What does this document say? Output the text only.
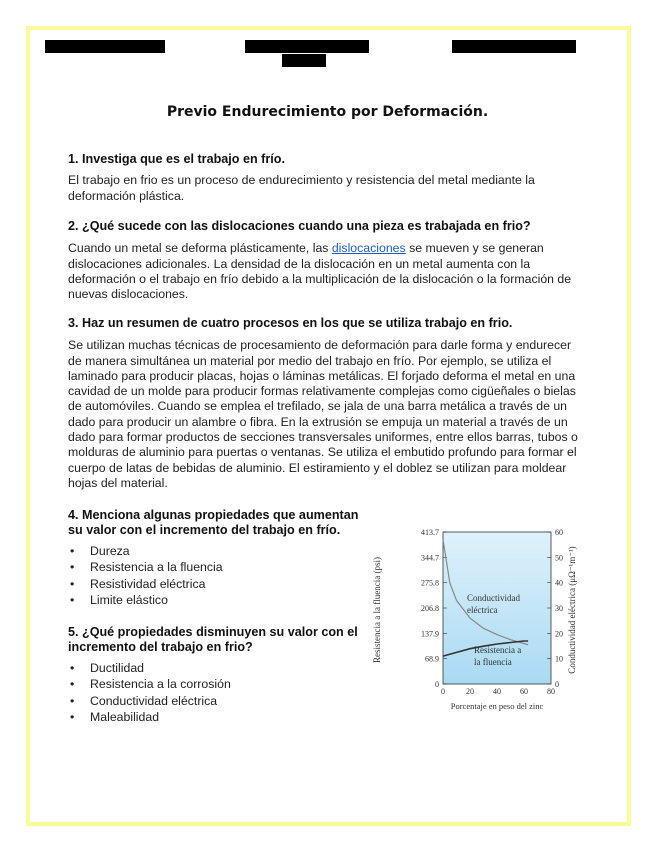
Previo Endurecimiento por Deformación.
1. Investiga que es el trabajo en frío.
El trabajo en frio es un proceso de endurecimiento y resistencia del metal mediante la deformación plástica.
2. ¿Qué sucede con las dislocaciones cuando una pieza es trabajada en frio?
Cuando un metal se deforma plásticamente, las dislocaciones se mueven y se generan dislocaciones adicionales. La densidad de la dislocación en un metal aumenta con la deformación o el trabajo en frío debido a la multiplicación de la dislocación o la formación de nuevas dislocaciones.
3. Haz un resumen de cuatro procesos en los que se utiliza trabajo en frio.
Se utilizan muchas técnicas de procesamiento de deformación para darle forma y endurecer de manera simultánea un material por medio del trabajo en frío. Por ejemplo, se utiliza el laminado para producir placas, hojas o láminas metálicas. El forjado deforma el metal en una cavidad de un molde para producir formas relativamente complejas como cigüeñales o bielas de automóviles. Cuando se emplea el trefilado, se jala de una barra metálica a través de un dado para producir un alambre o fibra. En la extrusión se empuja un material a través de un dado para formar productos de secciones transversales uniformes, entre ellos barras, tubos o molduras de aluminio para puertas o ventanas. Se utiliza el embutido profundo para formar el cuerpo de latas de bebidas de aluminio. El estiramiento y el doblez se utilizan para moldear hojas del material.
4. Menciona algunas propiedades que aumentan su valor con el incremento del trabajo en frío.
• Dureza
• Resistencia a la fluencia
• Resistividad eléctrica
• Limite elástico
5. ¿Qué propiedades disminuyen su valor con el incremento del trabajo en frio?
• Ductilidad
• Resistencia a la corrosión
• Conductividad eléctrica
• Maleabilidad
0
68.9
137.9
206.8
275.8
344.7
413.7
0
10
20
30
40
50
60
0	20 40 60 80
Resistencia a la fluencia (psi)	Conductividad eléctrica (μΩ⁻¹m⁻¹)
Porcentaje en peso del zinc
Conductividad
eléctrica
Resistencia a
la fluencia
